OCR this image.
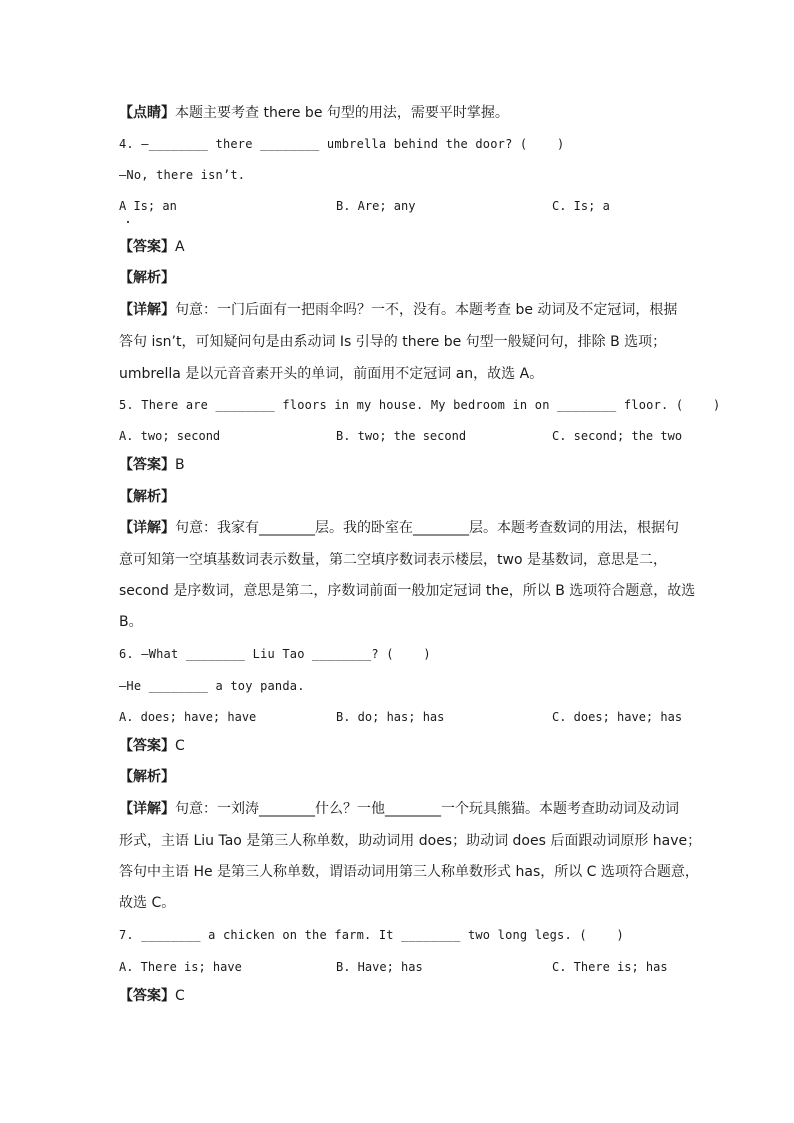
【点睛】本题主要考查 there be 句型的用法，需要平时掌握。
4. —________ there ________ umbrella behind the door? (    )
—No, there isn’t.
A Is; an	B. Are; any	C. Is; a
【答案】A
【解析】
【详解】句意：一门后面有一把雨伞吗？一不，没有。本题考查 be 动词及不定冠词，根据
答句 isn’t，可知疑问句是由系动词 Is 引导的 there be 句型一般疑问句，排除 B 选项；
umbrella 是以元音音素开头的单词，前面用不定冠词 an，故选 A。
5. There are ________ floors in my house. My bedroom in on ________ floor. (    )
A. two; second	B. two; the second	C. second; the two
【答案】B
【解析】
【详解】句意：我家有________层。我的卧室在________层。本题考查数词的用法，根据句
意可知第一空填基数词表示数量，第二空填序数词表示楼层，two 是基数词，意思是二，
second 是序数词，意思是第二，序数词前面一般加定冠词 the，所以 B 选项符合题意，故选
B。
6. —What ________ Liu Tao ________? (    )
—He ________ a toy panda.
A. does; have; have	B. do; has; has	C. does; have; has
【答案】C
【解析】
【详解】句意：一刘涛________什么？一他________一个玩具熊猫。本题考查助动词及动词
形式，主语 Liu Tao 是第三人称单数，助动词用 does；助动词 does 后面跟动词原形 have；
答句中主语 He 是第三人称单数，谓语动词用第三人称单数形式 has，所以 C 选项符合题意，
故选 C。
7. ________ a chicken on the farm. It ________ two long legs. (    )
A. There is; have	B. Have; has	C. There is; has
【答案】C
